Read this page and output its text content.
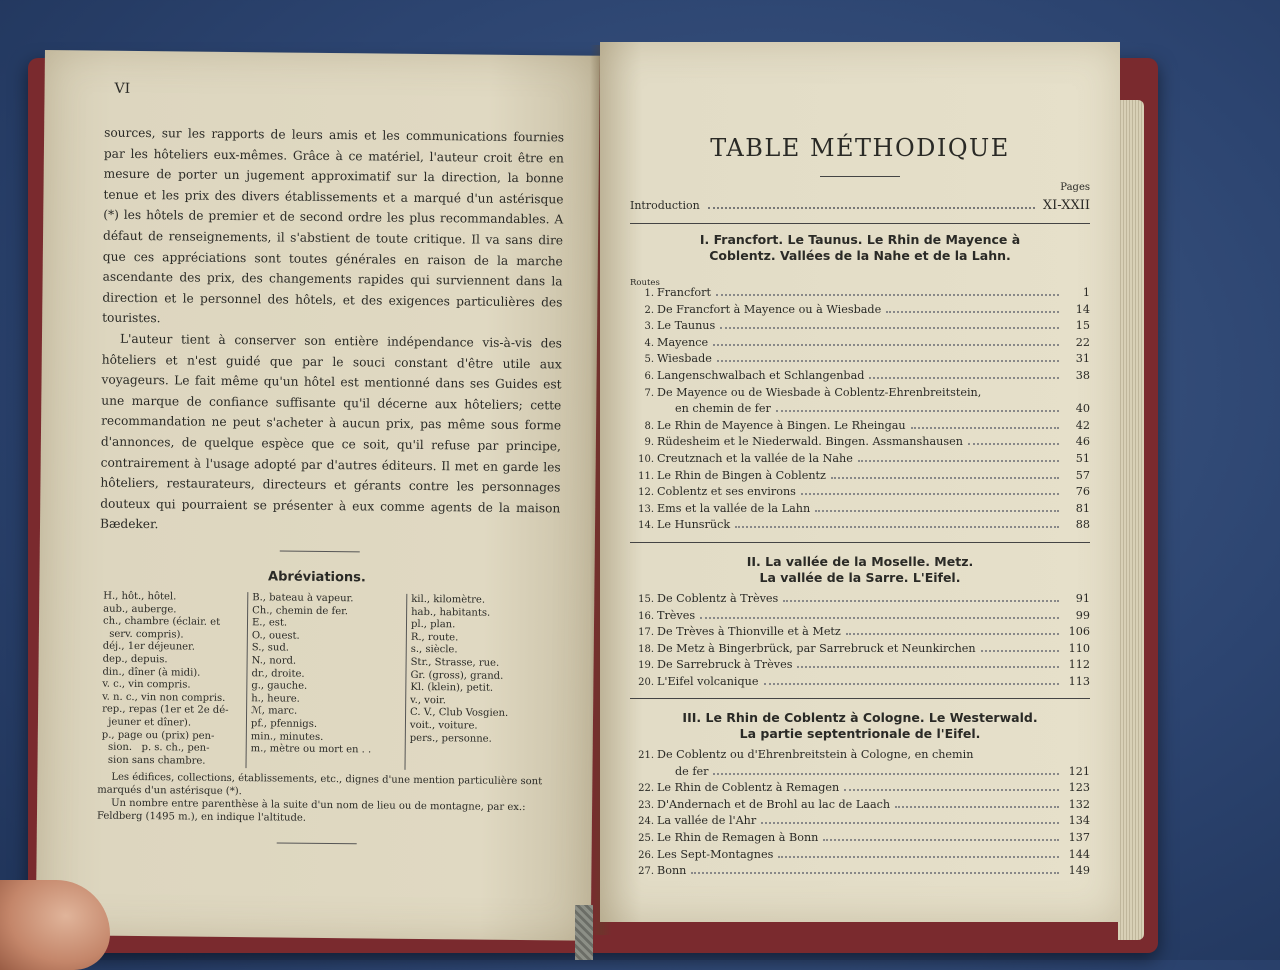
VI

sources, sur les rapports de leurs amis et les communications fournies par les hôteliers eux-mêmes. Grâce à ce matériel, l'auteur croit être en mesure de porter un jugement approximatif sur la direction, la bonne tenue et les prix des divers établissements et a marqué d'un astérisque (*) les hôtels de premier et de second ordre les plus recommandables. A défaut de renseignements, il s'abstient de toute critique. Il va sans dire que ces appréciations sont toutes générales en raison de la marche ascendante des prix, des changements rapides qui surviennent dans la direction et le personnel des hôtels, et des exigences particulières des touristes.

L'auteur tient à conserver son entière indépendance vis-à-vis des hôteliers et n'est guidé que par le souci constant d'être utile aux voyageurs. Le fait même qu'un hôtel est mentionné dans ses Guides est une marque de confiance suffisante qu'il décerne aux hôteliers; cette recommandation ne peut s'acheter à aucun prix, pas même sous forme d'annonces, de quelque espèce que ce soit, qu'il refuse par principe, contrairement à l'usage adopté par d'autres éditeurs. Il met en garde les hôteliers, restaurateurs, directeurs et gérants contre les personnages douteux qui pourraient se présenter à eux comme agents de la maison Bædeker.

Abréviations.
H., hôt., hôtel.
aub., auberge.
ch., chambre (éclair. et
serv. compris).
déj., 1er déjeuner.
dep., depuis.
din., dîner (à midi).
v. c., vin compris.
v. n. c., vin non compris.
rep., repas (1er et 2e dé-
jeuner et dîner).
p., page ou (prix) pen-
sion.   p. s. ch., pen-
sion sans chambre.
B., bateau à vapeur.
Ch., chemin de fer.
E., est.
O., ouest.
S., sud.
N., nord.
dr., droite.
g., gauche.
h., heure.
ℳ, marc.
pf., pfennigs.
min., minutes.
m., mètre ou mort en . .
kil., kilomètre.
hab., habitants.
pl., plan.
R., route.
s., siècle.
Str., Strasse, rue.
Gr. (gross), grand.
Kl. (klein), petit.
v., voir.
C. V., Club Vosgien.
voit., voiture.
pers., personne.

Les édifices, collections, établissements, etc., dignes d'une mention particulière sont marqués d'un astérisque (*).

Un nombre entre parenthèse à la suite d'un nom de lieu ou de montagne, par ex.: Feldberg (1495 m.), en indique l'altitude.

TABLE MÉTHODIQUE
Pages
Introduction	XI-XXII
I. Francfort. Le Taunus. Le Rhin de Mayence à
Coblentz. Vallées de la Nahe et de la Lahn.
Routes
1. Francfort	1
2. De Francfort à Mayence ou à Wiesbade	14
3. Le Taunus	15
4. Mayence	22
5. Wiesbade	31
6. Langenschwalbach et Schlangenbad	38
7. De Mayence ou de Wiesbade à Coblentz-Ehrenbreitstein,
en chemin de fer	40
8. Le Rhin de Mayence à Bingen. Le Rheingau	42
9. Rüdesheim et le Niederwald. Bingen. Assmanshausen	46
10. Creutznach et la vallée de la Nahe	51
11. Le Rhin de Bingen à Coblentz	57
12. Coblentz et ses environs	76
13. Ems et la vallée de la Lahn	81
14. Le Hunsrück	88
II. La vallée de la Moselle. Metz.
La vallée de la Sarre. L'Eifel.
15. De Coblentz à Trèves	91
16. Trèves	99
17. De Trèves à Thionville et à Metz	106
18. De Metz à Bingerbrück, par Sarrebruck et Neunkirchen	110
19. De Sarrebruck à Trèves	112
20. L'Eifel volcanique	113
III. Le Rhin de Coblentz à Cologne. Le Westerwald.
La partie septentrionale de l'Eifel.
21. De Coblentz ou d'Ehrenbreitstein à Cologne, en chemin
de fer	121
22. Le Rhin de Coblentz à Remagen	123
23. D'Andernach et de Brohl au lac de Laach	132
24. La vallée de l'Ahr	134
25. Le Rhin de Remagen à Bonn	137
26. Les Sept-Montagnes	144
27. Bonn	149
